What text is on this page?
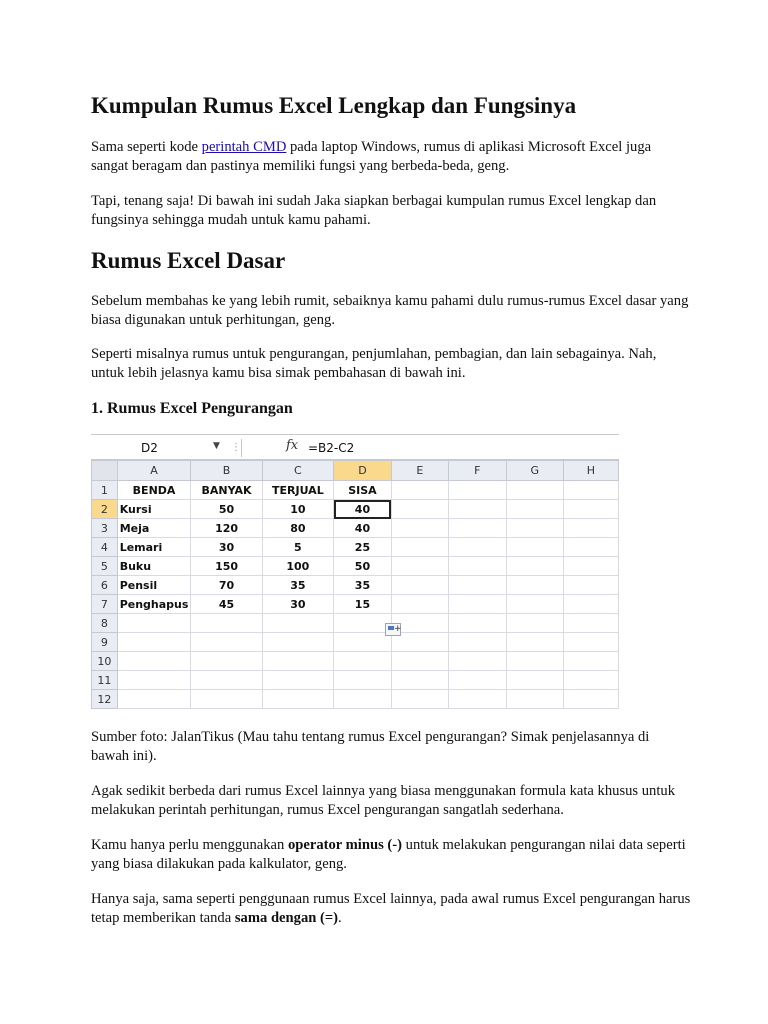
Kumpulan Rumus Excel Lengkap dan Fungsinya

Sama seperti kode perintah CMD pada laptop Windows, rumus di aplikasi Microsoft Excel juga sangat beragam dan pastinya memiliki fungsi yang berbeda-beda, geng.

Tapi, tenang saja! Di bawah ini sudah Jaka siapkan berbagai kumpulan rumus Excel lengkap dan fungsinya sehingga mudah untuk kamu pahami.

Rumus Excel Dasar

Sebelum membahas ke yang lebih rumit, sebaiknya kamu pahami dulu rumus-rumus Excel dasar yang biasa digunakan untuk perhitungan, geng.

Seperti misalnya rumus untuk pengurangan, penjumlahan, pembagian, dan lain sebagainya. Nah, untuk lebih jelasnya kamu bisa simak pembahasan di bawah ini.

1. Rumus Excel Pengurangan
D2	▼ ⋮	fx =B2-C2
	A	B	C	D	E	F	G	H
1	BENDA	BANYAK	TERJUAL	SISA				
2	Kursi	50	10	40				
3	Meja	120	80	40				
4	Lemari	30	5	25				
5	Buku	150	100	50				
6	Pensil	70	35	35				
7	Penghapus	45	30	15				
8								
9								
10								
11								
12								
+

Sumber foto: JalanTikus (Mau tahu tentang rumus Excel pengurangan? Simak penjelasannya di bawah ini).

Agak sedikit berbeda dari rumus Excel lainnya yang biasa menggunakan formula kata khusus untuk melakukan perintah perhitungan, rumus Excel pengurangan sangatlah sederhana.

Kamu hanya perlu menggunakan operator minus (-) untuk melakukan pengurangan nilai data seperti yang biasa dilakukan pada kalkulator, geng.

Hanya saja, sama seperti penggunaan rumus Excel lainnya, pada awal rumus Excel pengurangan harus tetap memberikan tanda sama dengan (=).
